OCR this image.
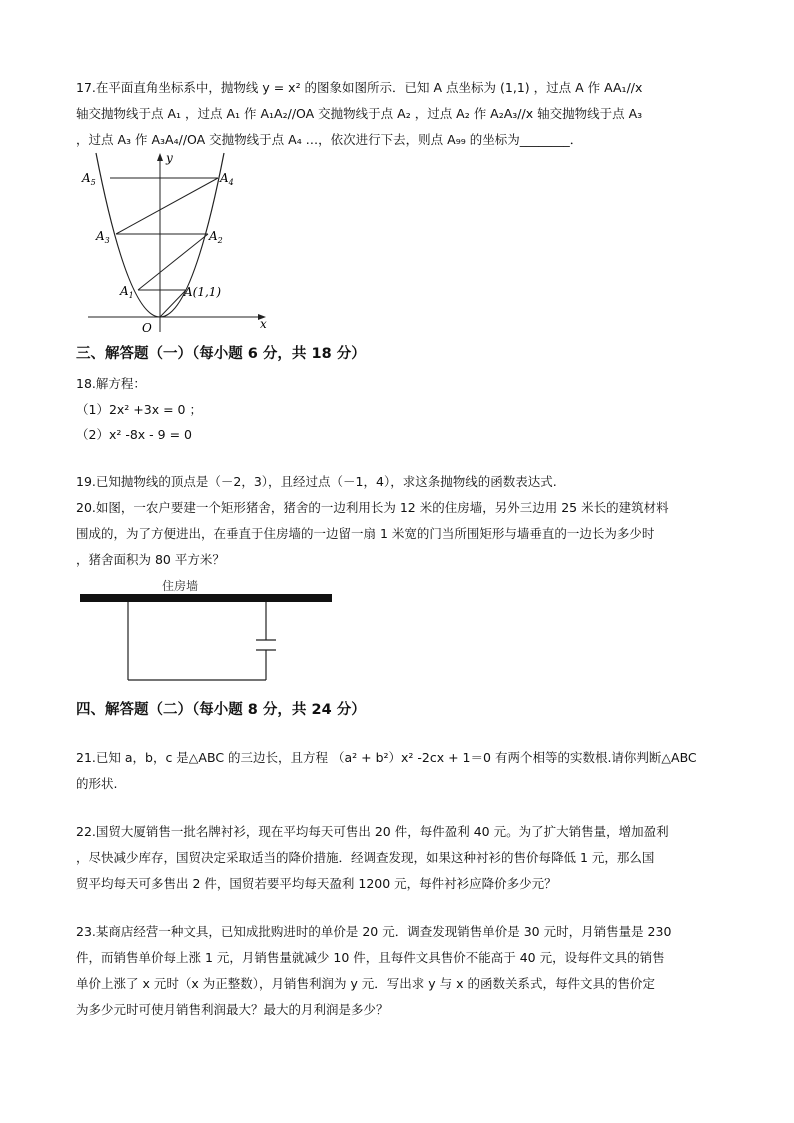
17.在平面直角坐标系中，抛物线 y = x² 的图象如图所示．已知 A 点坐标为 (1,1) ，过点 A 作 AA₁//x
轴交抛物线于点 A₁ ，过点 A₁ 作 A₁A₂//OA 交抛物线于点 A₂ ，过点 A₂ 作 A₂A₃//x 轴交抛物线于点 A₃
，过点 A₃ 作 A₃A₄//OA 交抛物线于点 A₄ …，依次进行下去，则点 A₉₉ 的坐标为________．
y
x
O
A(1,1)
$A_1$
$A_2$
$A_3$
$A_4$
$A_5$
三、解答题（一）（每小题 6 分，共 18 分）
18.解方程：
（1）2x² +3x = 0 ；
（2）x² -8x - 9 = 0
19.已知抛物线的顶点是（－2，3），且经过点（－1，4），求这条抛物线的函数表达式.
20.如图，一农户要建一个矩形猪舍，猪舍的一边利用长为 12 米的住房墙，另外三边用 25 米长的建筑材料
围成的，为了方便进出，在垂直于住房墙的一边留一扇 1 米宽的门当所围矩形与墙垂直的一边长为多少时
，猪舍面积为 80 平方米？
住房墙
四、解答题（二）（每小题 8 分，共 24 分）
21.已知 a，b，c 是△ABC 的三边长，且方程 （a² + b²）x² -2cx + 1＝0 有两个相等的实数根.请你判断△ABC
的形状.
22.国贸大厦销售一批名牌衬衫，现在平均每天可售出 20 件，每件盈利 40 元。为了扩大销售量，增加盈利
，尽快减少库存，国贸决定采取适当的降价措施．经调查发现，如果这种衬衫的售价每降低 1 元，那么国
贸平均每天可多售出 2 件，国贸若要平均每天盈利 1200 元，每件衬衫应降价多少元？
23.某商店经营一种文具，已知成批购进时的单价是 20 元．调查发现销售单价是 30 元时，月销售量是 230
件，而销售单价每上涨 1 元，月销售量就减少 10 件，且每件文具售价不能高于 40 元，设每件文具的销售
单价上涨了 x 元时（x 为正整数），月销售利润为 y 元．写出求 y 与 x 的函数关系式，每件文具的售价定
为多少元时可使月销售利润最大？最大的月利润是多少？
